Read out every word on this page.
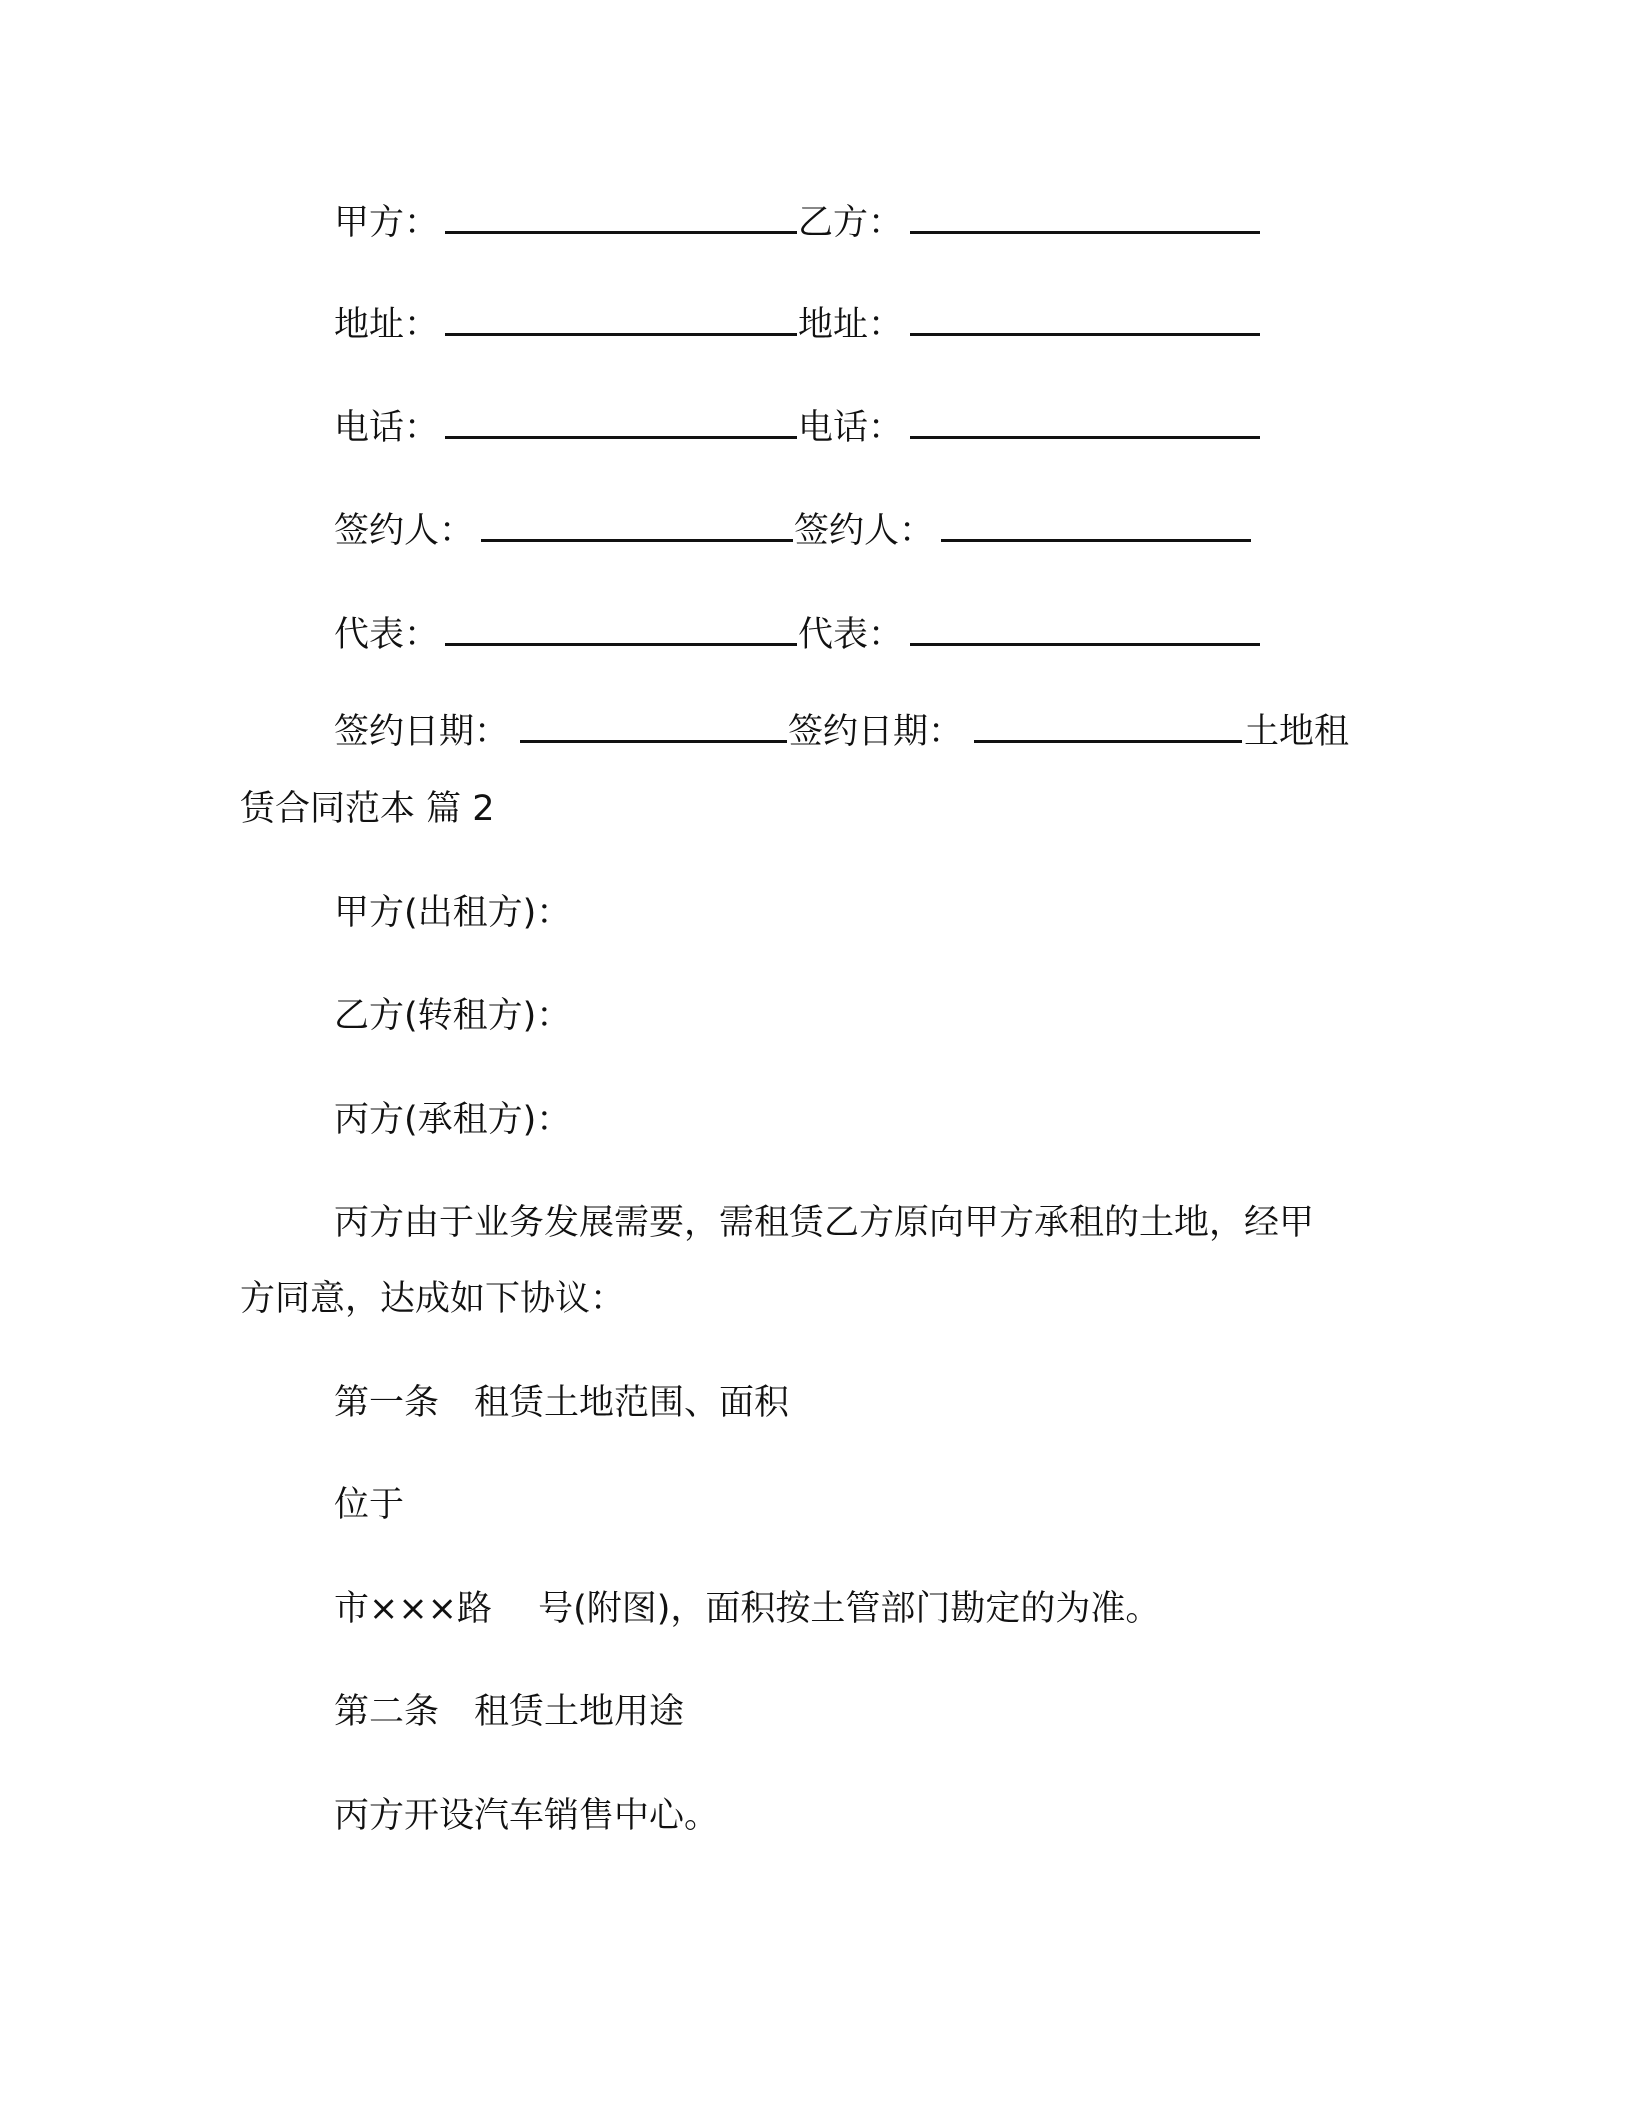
甲方：	乙方：
地址：	地址：
电话：	电话：
签约人：	签约人：
代表：	代表：
签约日期：	签约日期：	土地租
赁合同范本 篇 2
甲方(出租方)：
乙方(转租方)：
丙方(承租方)：
丙方由于业务发展需要，需租赁乙方原向甲方承租的土地，经甲
方同意，达成如下协议：
第一条　租赁土地范围、面积
位于
市×××路　 号(附图)，面积按土管部门勘定的为准。
第二条　租赁土地用途
丙方开设汽车销售中心。
